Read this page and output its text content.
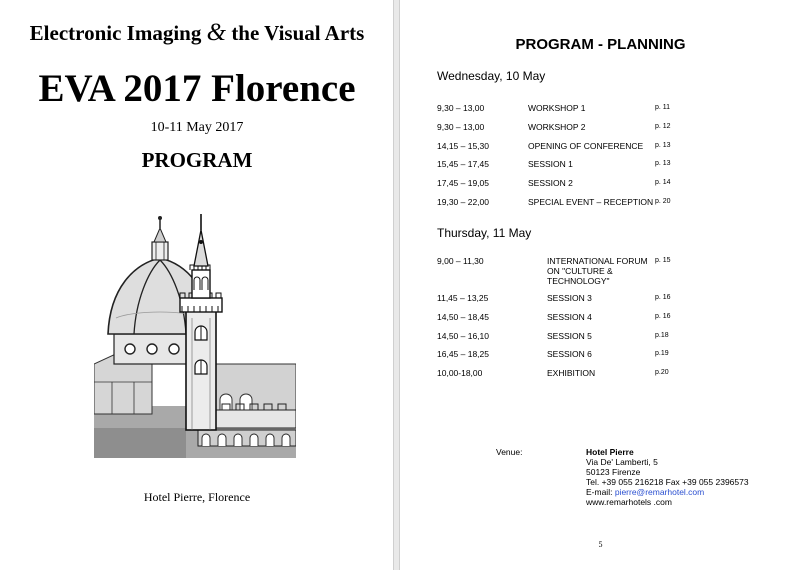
Electronic Imaging & the Visual Arts
EVA 2017 Florence
10-11 May 2017
PROGRAM
Hotel Pierre, Florence
PROGRAM - PLANNING
Wednesday, 10 May
9,30 – 13,00	WORKSHOP 1	p. 11
9,30 – 13,00	WORKSHOP 2	p. 12
14,15 – 15,30	OPENING OF CONFERENCE p. 13
15,45 – 17,45	SESSION 1	p. 13
17,45 – 19,05	SESSION 2	p. 14
19,30 – 22,00	SPECIAL EVENT – RECEPTION p. 20
Thursday, 11 May
9,00 – 11,30	INTERNATIONAL FORUM
ON "CULTURE &
TECHNOLOGY"
p. 15
11,45 – 13,25	SESSION 3	p. 16
14,50 – 18,45	SESSION 4	p. 16
14,50 – 16,10	SESSION 5	p.18
16,45 – 18,25	SESSION 6	p.19
10,00-18,00	EXHIBITION	p.20
Venue:	Hotel Pierre
Via De' Lamberti, 5
50123 Firenze
Tel. +39 055 216218 Fax +39 055 2396573
E-mail: pierre@remarhotel.com
www.remarhotels .com
5
